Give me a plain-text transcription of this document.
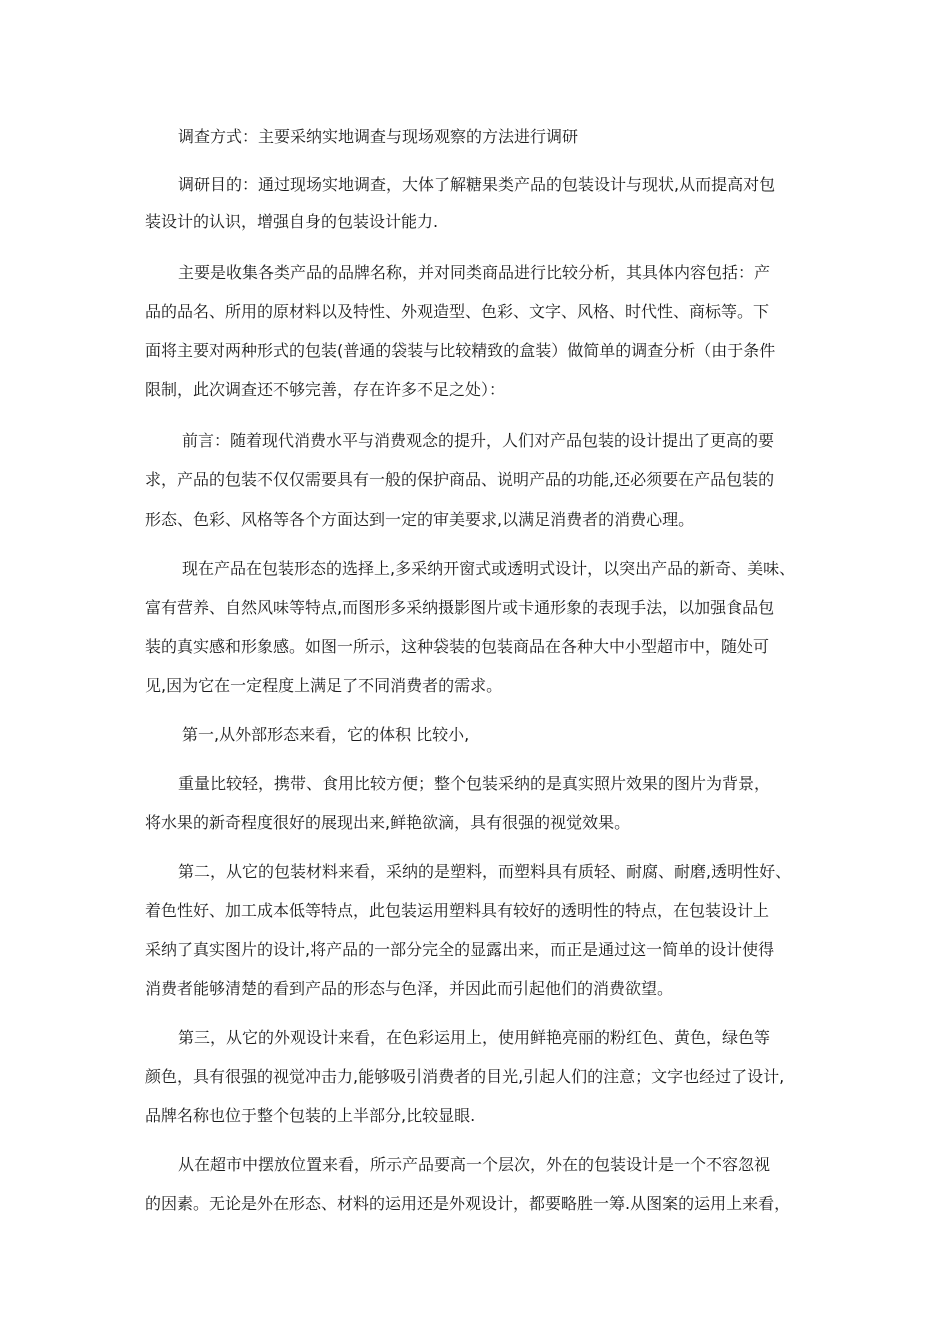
调查方式：主要采纳实地调查与现场观察的方法进行调研
调研目的：通过现场实地调查，大体了解糖果类产品的包装设计与现状,从而提高对包
装设计的认识，增强自身的包装设计能力.
主要是收集各类产品的品牌名称，并对同类商品进行比较分析，其具体内容包括：产
品的品名、所用的原材料以及特性、外观造型、色彩、文字、风格、时代性、商标等。下
面将主要对两种形式的包装(普通的袋装与比较精致的盒装）做简单的调查分析（由于条件
限制，此次调查还不够完善，存在许多不足之处）：
前言：随着现代消费水平与消费观念的提升，人们对产品包装的设计提出了更高的要
求，产品的包装不仅仅需要具有一般的保护商品、说明产品的功能,还必须要在产品包装的
形态、色彩、风格等各个方面达到一定的审美要求,以满足消费者的消费心理。
现在产品在包装形态的选择上,多采纳开窗式或透明式设计，以突出产品的新奇、美味、
富有营养、自然风味等特点,而图形多采纳摄影图片或卡通形象的表现手法，以加强食品包
装的真实感和形象感。如图一所示，这种袋装的包装商品在各种大中小型超市中，随处可
见,因为它在一定程度上满足了不同消费者的需求。
第一,从外部形态来看，它的体积 比较小,
重量比较轻，携带、食用比较方便；整个包装采纳的是真实照片效果的图片为背景，
将水果的新奇程度很好的展现出来,鲜艳欲滴，具有很强的视觉效果。
第二，从它的包装材料来看，采纳的是塑料，而塑料具有质轻、耐腐、耐磨,透明性好、
着色性好、加工成本低等特点，此包装运用塑料具有较好的透明性的特点，在包装设计上
采纳了真实图片的设计,将产品的一部分完全的显露出来，而正是通过这一简单的设计使得
消费者能够清楚的看到产品的形态与色泽，并因此而引起他们的消费欲望。
第三，从它的外观设计来看，在色彩运用上，使用鲜艳亮丽的粉红色、黄色，绿色等
颜色，具有很强的视觉冲击力,能够吸引消费者的目光,引起人们的注意；文字也经过了设计,
品牌名称也位于整个包装的上半部分,比较显眼.
从在超市中摆放位置来看，所示产品要高一个层次，外在的包装设计是一个不容忽视
的因素。无论是外在形态、材料的运用还是外观设计，都要略胜一筹.从图案的运用上来看，
